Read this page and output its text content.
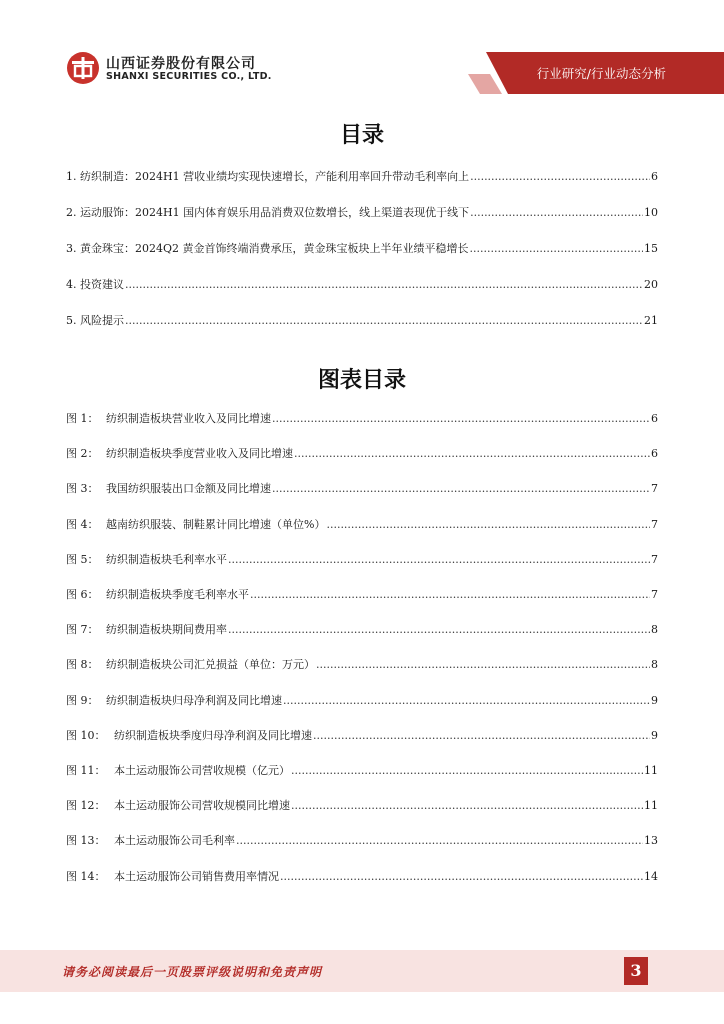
山西证券股份有限公司
SHANXI SECURITIES CO., LTD.	行业研究/行业动态分析
目录
1. 纺织制造：2024H1 营收业绩均实现快速增长，产能利用率回升带动毛利率向上 .....	6
2. 运动服饰：2024H1 国内体育娱乐用品消费双位数增长，线上渠道表现优于线下 .....	10
3. 黄金珠宝：2024Q2 黄金首饰终端消费承压，黄金珠宝板块上半年业绩平稳增长 .....	15
4. 投资建议 .....	20
5. 风险提示 .....	21
图表目录
图 1： 纺织制造板块营业收入及同比增速 .....	6
图 2： 纺织制造板块季度营业收入及同比增速 .....	6
图 3： 我国纺织服装出口金额及同比增速 .....	7
图 4： 越南纺织服装、制鞋累计同比增速（单位%） .....	7
图 5： 纺织制造板块毛利率水平 .....	7
图 6： 纺织制造板块季度毛利率水平 .....	7
图 7： 纺织制造板块期间费用率 .....	8
图 8： 纺织制造板块公司汇兑损益（单位：万元） .....	8
图 9： 纺织制造板块归母净利润及同比增速 .....	9
图 10： 纺织制造板块季度归母净利润及同比增速 .....	9
图 11： 本土运动服饰公司营收规模（亿元） .....	11
图 12： 本土运动服饰公司营收规模同比增速 .....	11
图 13： 本土运动服饰公司毛利率 .....	13
图 14： 本土运动服饰公司销售费用率情况 .....	14
请务必阅读最后一页股票评级说明和免责声明	3
